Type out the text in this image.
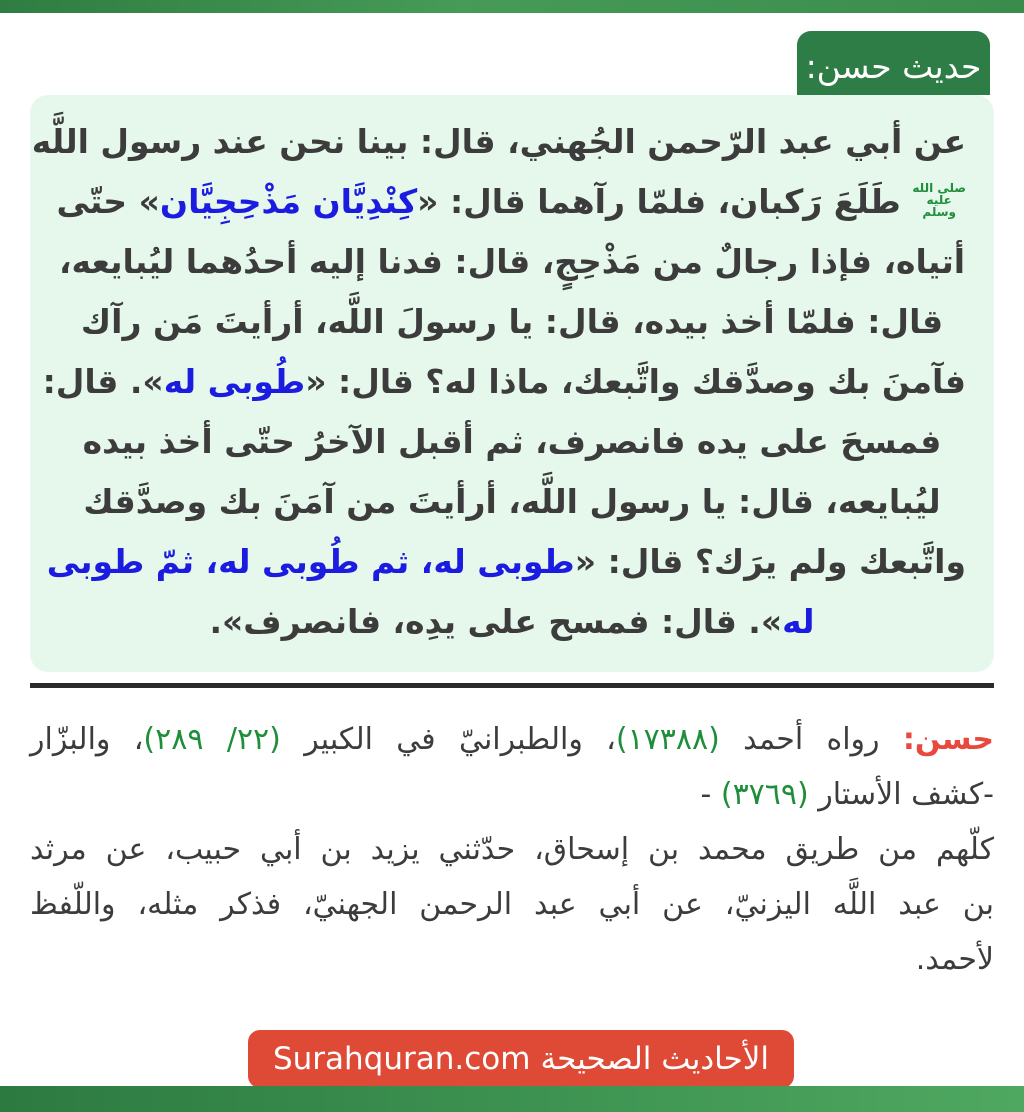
حديث حسن:
عن أبي عبد الرّحمن الجُهني، قال: بينا نحن عند رسول اللَّه
صلى الله
عليه
وسلم
طَلَعَ رَكبان، فلمّا رآهما قال: «كِنْدِيَّان مَذْحِجِيَّان» حتّى
أتياه، فإذا رجالٌ من مَذْحِجٍ، قال: فدنا إليه أحدُهما ليُبايعه،
قال: فلمّا أخذ بيده، قال: يا رسولَ اللَّه، أرأيتَ مَن رآك
فآمنَ بك وصدَّقك واتَّبعك، ماذا له؟ قال: «طُوبى له». قال:
فمسحَ على يده فانصرف، ثم أقبل الآخرُ حتّى أخذ بيده
ليُبايعه، قال: يا رسول اللَّه، أرأيتَ من آمَنَ بك وصدَّقك
واتَّبعك ولم يرَك؟ قال: «طوبى له، ثم طُوبى له، ثمّ طوبى
له». قال: فمسح على يدِه، فانصرف».
حسن: رواه أحمد (١٧٣٨٨)، والطبرانيّ في الكبير (٢٢/ ٢٨٩)، والبزّار
-كشف الأستار (٣٧٦٩) -
كلّهم من طريق محمد بن إسحاق، حدّثني يزيد بن أبي حبيب، عن مرثد
بن عبد اللَّه اليزنيّ، عن أبي عبد الرحمن الجهنيّ، فذكر مثله، واللّفظ
لأحمد.
الأحاديث الصحيحة
Surahquran.com
